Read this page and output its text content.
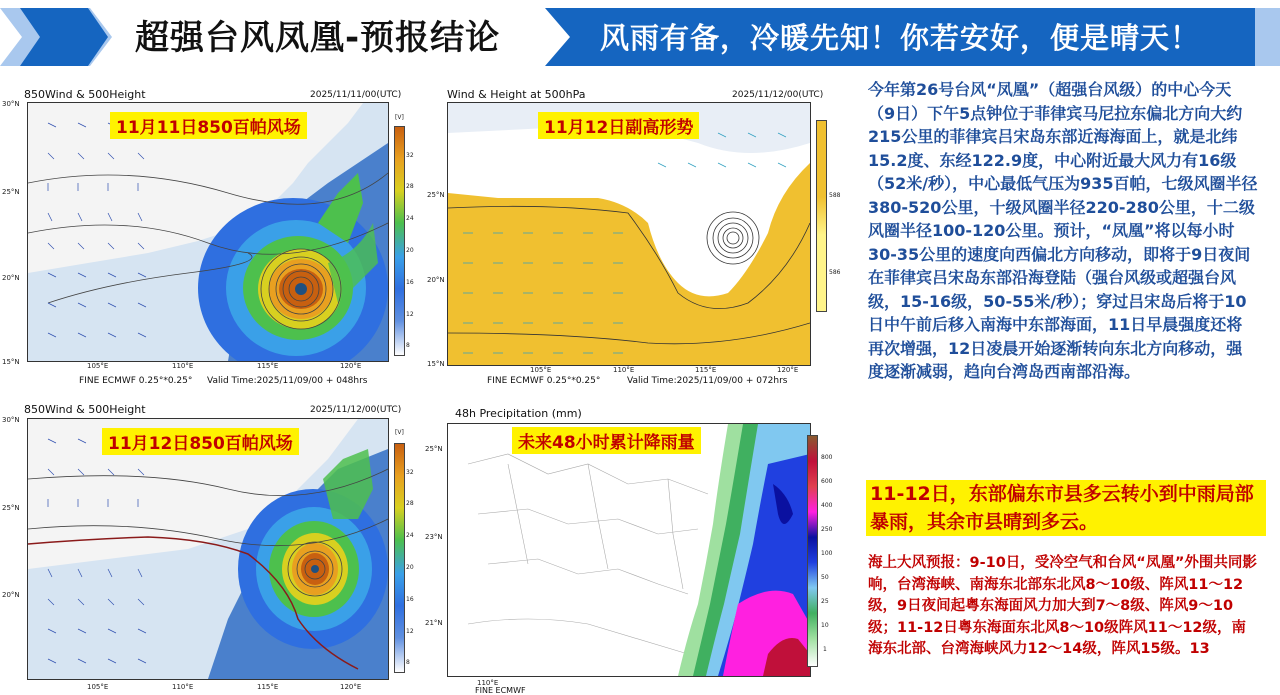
超强台风凤凰-预报结论	风雨有备，冷暖先知！你若安好，便是晴天！
850Wind & 500Height	2025/11/11/00(UTC)
30°N
25°N
20°N
15°N	105°E	110°E	115°E	120°E
FINE ECMWF 0.25°*0.25° Valid Time:2025/11/09/00 + 048hrs
11月11日850百帕风场
[V]
32
28
24
20
16
12
8
Wind & Height at 500hPa	2025/11/12/00(UTC)
11月12日副高形势
588
586
25°N
20°N
15°N
105°E	110°E	115°E	120°E
FINE ECMWF 0.25°*0.25°	Valid Time:2025/11/09/00 + 072hrs
850Wind & 500Height	2025/11/12/00(UTC)
11月12日850百帕风场
[V]
32
28
24
20
16
12
8
30°N
25°N
20°N
105°E	110°E	115°E	120°E
48h Precipitation (mm)
未来48小时累计降雨量
800
600
400
250
100
50
25
10
1
25°N
23°N
21°N
110°E
FINE ECMWF
今年第26号台风“凤凰”（超强台风级）的中心今天（9日）下午5点钟位于菲律宾马尼拉东偏北方向大约215公里的菲律宾吕宋岛东部近海海面上，就是北纬15.2度、东经122.9度，中心附近最大风力有16级（52米/秒），中心最低气压为935百帕，七级风圈半径380-520公里，十级风圈半径220-280公里，十二级风圈半径100-120公里。预计，“凤凰”将以每小时30-35公里的速度向西偏北方向移动，即将于9日夜间在菲律宾吕宋岛东部沿海登陆（强台风级或超强台风级，15-16级，50-55米/秒）；穿过吕宋岛后将于10日中午前后移入南海中东部海面，11日早晨强度还将再次增强，12日凌晨开始逐渐转向东北方向移动，强度逐渐减弱，趋向台湾岛西南部沿海。
11-12日，东部偏东市县多云转小到中雨局部暴雨，其余市县晴到多云。
海上大风预报：9-10日，受冷空气和台风“凤凰”外围共同影响，台湾海峡、南海东北部东北风8～10级、阵风11～12级，9日夜间起粤东海面风力加大到7～8级、阵风9～10级；11-12日粤东海面东北风8～10级阵风11～12级，南海东北部、台湾海峡风力12～14级，阵风15级。13
